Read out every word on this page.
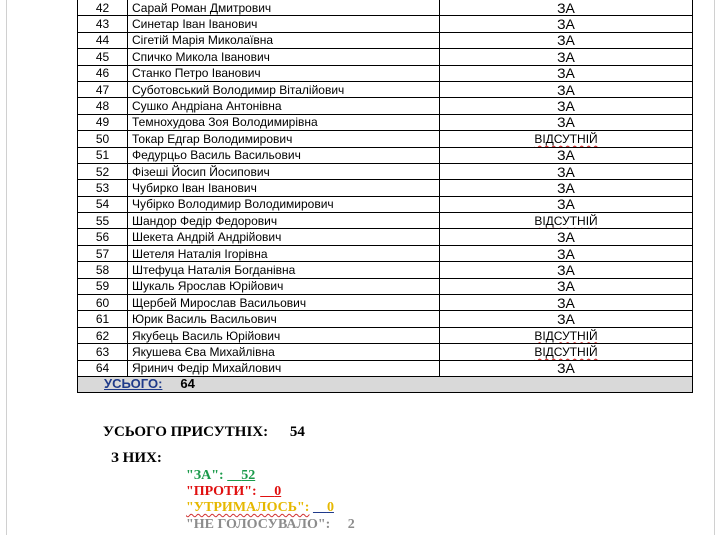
42	Сарай Роман Дмитрович	ЗА
43	Синетар Іван Іванович	ЗА
44	Сігетій Марія Миколаївна	ЗА
45	Спичко Микола Іванович	ЗА
46	Станко Петро Іванович	ЗА
47	Суботовський Володимир Віталійович	ЗА
48	Сушко Андріана Антонівна	ЗА
49	Темнохудова Зоя Володимирівна	ЗА
50	Токар Едгар Володимирович	ВІДСУТНІЙ
51	Федурцьо Василь Васильович	ЗА
52	Фізеші Йосип Йосипович	ЗА
53	Чубирко Іван Іванович	ЗА
54	Чубірко Володимир Володимирович	ЗА
55	Шандор Федір Федорович	ВІДСУТНІЙ
56	Шекета Андрій Андрійович	ЗА
57	Шетеля Наталія Ігорівна	ЗА
58	Штефуца Наталія Богданівна	ЗА
59	Шукаль Ярослав Юрійович	ЗА
60	Щербей Мирослав Васильович	ЗА
61	Юрик Василь Васильович	ЗА
62	Якубець Василь Юрійович	ВІДСУТНІЙ
63	Якушева Єва Михайлівна	ВІДСУТНІЙ
64	Яринич Федір Михайлович	ЗА
УСЬОГО: 64		
УСЬОГО ПРИСУТНІХ: 54
З НИХ:
"ЗА": 52
"ПРОТИ": 0
"УТРИМАЛОСЬ": 0
"НЕ ГОЛОСУВАЛО": 2
